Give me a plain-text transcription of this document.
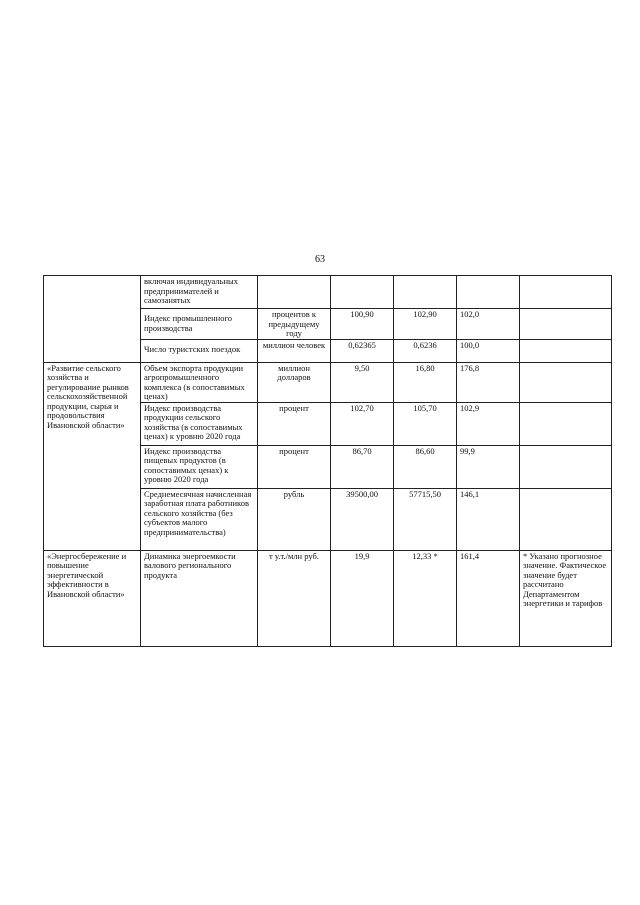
63
	включая индивидуальных предпринимателей и самозанятых					
	Индекс промышленного производства	процентов к предыдущему году	100,90	102,90	102,0	
	Число туристских поездок	миллион человек	0,62365	0,6236	100,0	
«Развитие сельского хозяйства и регулирование рынков сельскохозяйственной продукции, сырья и продовольствия Ивановской области»	Объем экспорта продукции агропромышленного комплекса (в сопоставимых ценах)	миллион долларов	9,50	16,80	176,8	
	Индекс производства продукции сельского хозяйства (в сопоставимых ценах) к уровню 2020 года	процент	102,70	105,70	102,9	
	Индекс производства пищевых продуктов (в сопоставимых ценах) к уровню 2020 года	процент	86,70	86,60	99,9	
	Среднемесячная начисленная заработная плата работников сельского хозяйства (без субъектов малого предпринимательства)	рубль	39500,00	57715,50	146,1	
«Энергосбережение и повышение энергетической эффективности в Ивановской области»	Динамика энергоемкости валового регионального продукта	т у.т./млн руб.	19,9	12,33 *	161,4	* Указано прогнозное значение. Фактическое значение будет рассчитано Департаментом энергетики и тарифов
